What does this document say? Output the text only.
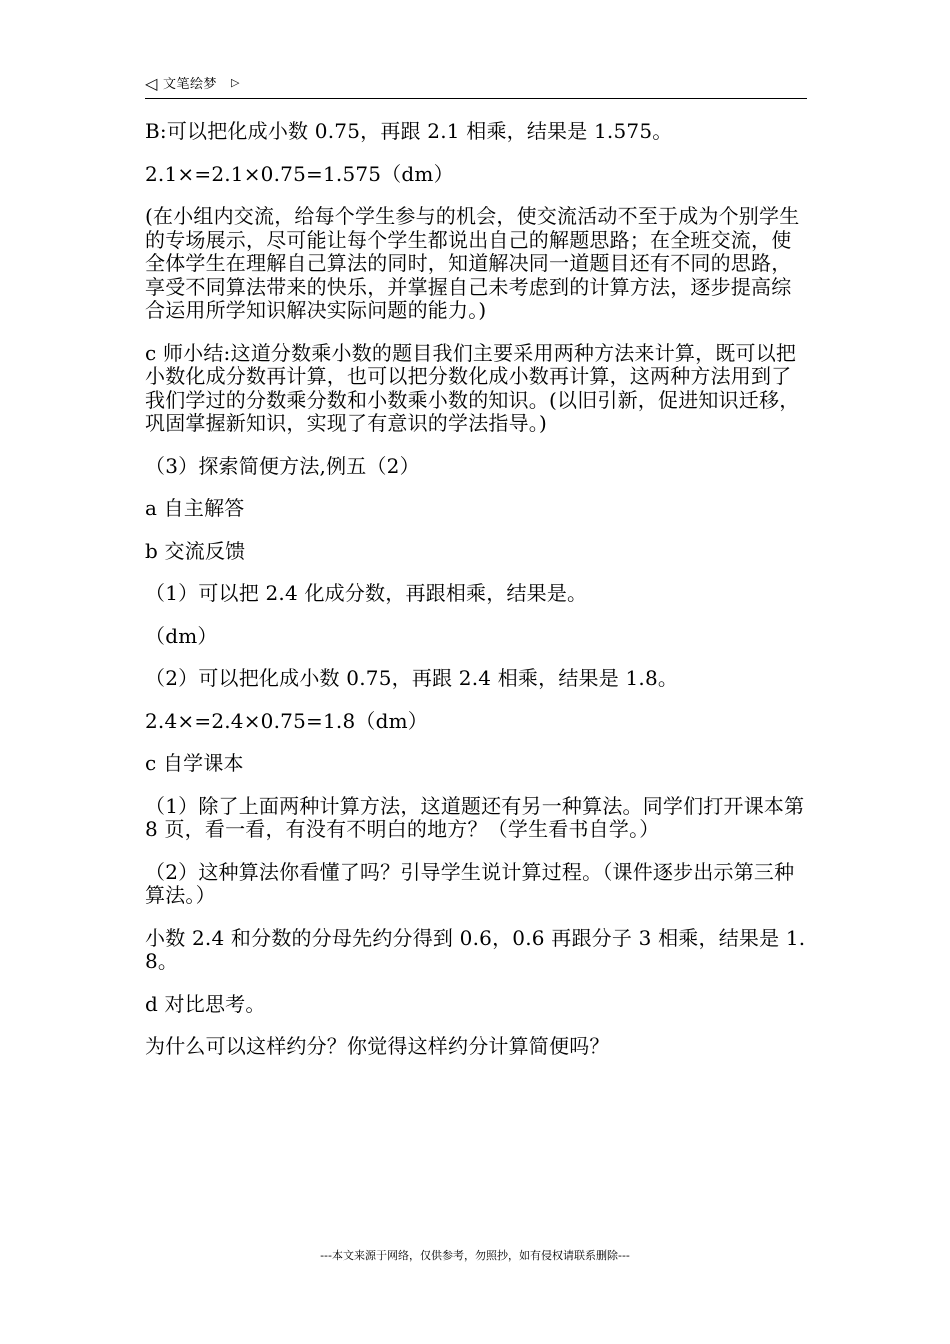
◁ 文笔绘梦 ▷

B:可以把化成小数 0.75，再跟 2.1 相乘，结果是 1.575。

2.1×=2.1×0.75=1.575（dm）

(在小组内交流，给每个学生参与的机会，使交流活动不至于成为个别学生的专场展示，尽可能让每个学生都说出自己的解题思路；在全班交流，使全体学生在理解自己算法的同时，知道解决同一道题目还有不同的思路，享受不同算法带来的快乐，并掌握自己未考虑到的计算方法，逐步提高综合运用所学知识解决实际问题的能力。)

c 师小结:这道分数乘小数的题目我们主要采用两种方法来计算，既可以把小数化成分数再计算，也可以把分数化成小数再计算，这两种方法用到了我们学过的分数乘分数和小数乘小数的知识。(以旧引新，促进知识迁移，巩固掌握新知识，实现了有意识的学法指导。)

（3）探索简便方法,例五（2）

a 自主解答

b 交流反馈

（1）可以把 2.4 化成分数，再跟相乘，结果是。

（dm）

（2）可以把化成小数 0.75，再跟 2.4 相乘，结果是 1.8。

2.4×=2.4×0.75=1.8（dm）

c 自学课本

（1）除了上面两种计算方法，这道题还有另一种算法。同学们打开课本第 8 页，看一看，有没有不明白的地方？（学生看书自学。）

（2）这种算法你看懂了吗？引导学生说计算过程。（课件逐步出示第三种算法。）

小数 2.4 和分数的分母先约分得到 0.6，0.6 再跟分子 3 相乘，结果是 1.8。

d 对比思考。

为什么可以这样约分？你觉得这样约分计算简便吗？

---本文来源于网络，仅供参考，勿照抄，如有侵权请联系删除---
